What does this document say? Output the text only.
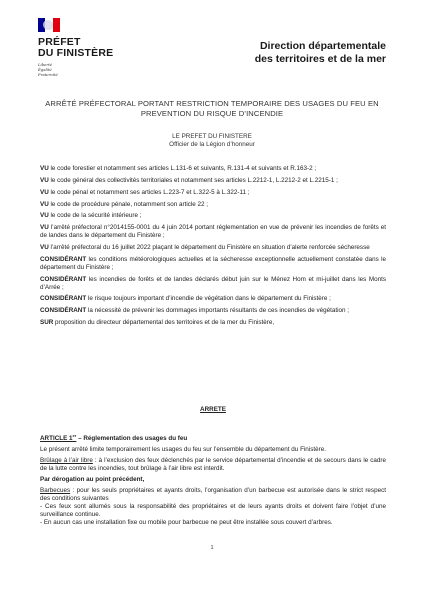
PRÉFET
DU FINISTÈRE
Liberté
Égalité
Fraternité
Direction départementale
des territoires et de la mer
ARRÊTÉ PRÉFECTORAL PORTANT RESTRICTION TEMPORAIRE DES USAGES DU FEU EN
PREVENTION DU RISQUE D’INCENDIE
LE PREFET DU FINISTERE
Officier de la Légion d’honneur

VU le code forestier et notamment ses articles L.131-6 et suivants, R.131-4 et suivants et R.163-2 ;

VU le code général des collectivités territoriales et notamment ses articles L.2212-1, L.2212-2 et L.2215-1 ;

VU le code pénal et notamment ses articles L.223-7 et L.322-5 à L.322-11 ;

VU le code de procédure pénale, notamment son article 22 ;

VU le code de la sécurité intérieure ;

VU l’arrêté préfectoral n°2014155-0001 du 4 juin 2014 portant réglementation en vue de prévenir les incendies de forêts et de landes dans le département du Finistère ;

VU l’arrêté préfectoral du 16 juillet 2022 plaçant le département du Finistère en situation d’alerte renforcée sécheresse

CONSIDÉRANT les conditions météorologiques actuelles et la sécheresse exceptionnelle actuellement constatée dans le département du Finistère ;

CONSIDÉRANT les incendies de forêts et de landes déclarés début juin sur le Ménez Hom et mi-juillet dans les Monts d’Arrée ;

CONSIDÉRANT le risque toujours important d’incendie de végétation dans le département du Finistère ;

CONSIDÉRANT la nécessité de prévenir les dommages importants résultants de ces incendies de végétation ;

SUR proposition du directeur départemental des territoires et de la mer du Finistère,

ARRETE

ARTICLE 1er – Réglementation des usages du feu

Le présent arrêté limite temporairement les usages du feu sur l’ensemble du département du Finistère.

Brûlage à l’air libre : à l’exclusion des feux déclenchés par le service départemental d’incendie et de secours dans le cadre de la lutte contre les incendies, tout brûlage à l’air libre est interdit.

Par dérogation au point précédent,

Barbecues : pour les seuls propriétaires et ayants droits, l’organisation d’un barbecue est autorisée dans le strict respect des conditions suivantes

- Ces feux sont allumés sous la responsabilité des propriétaires et de leurs ayants droits et doivent faire l’objet d’une surveillance continue.

- En aucun cas une installation fixe ou mobile pour barbecue ne peut être installée sous couvert d’arbres.

1
